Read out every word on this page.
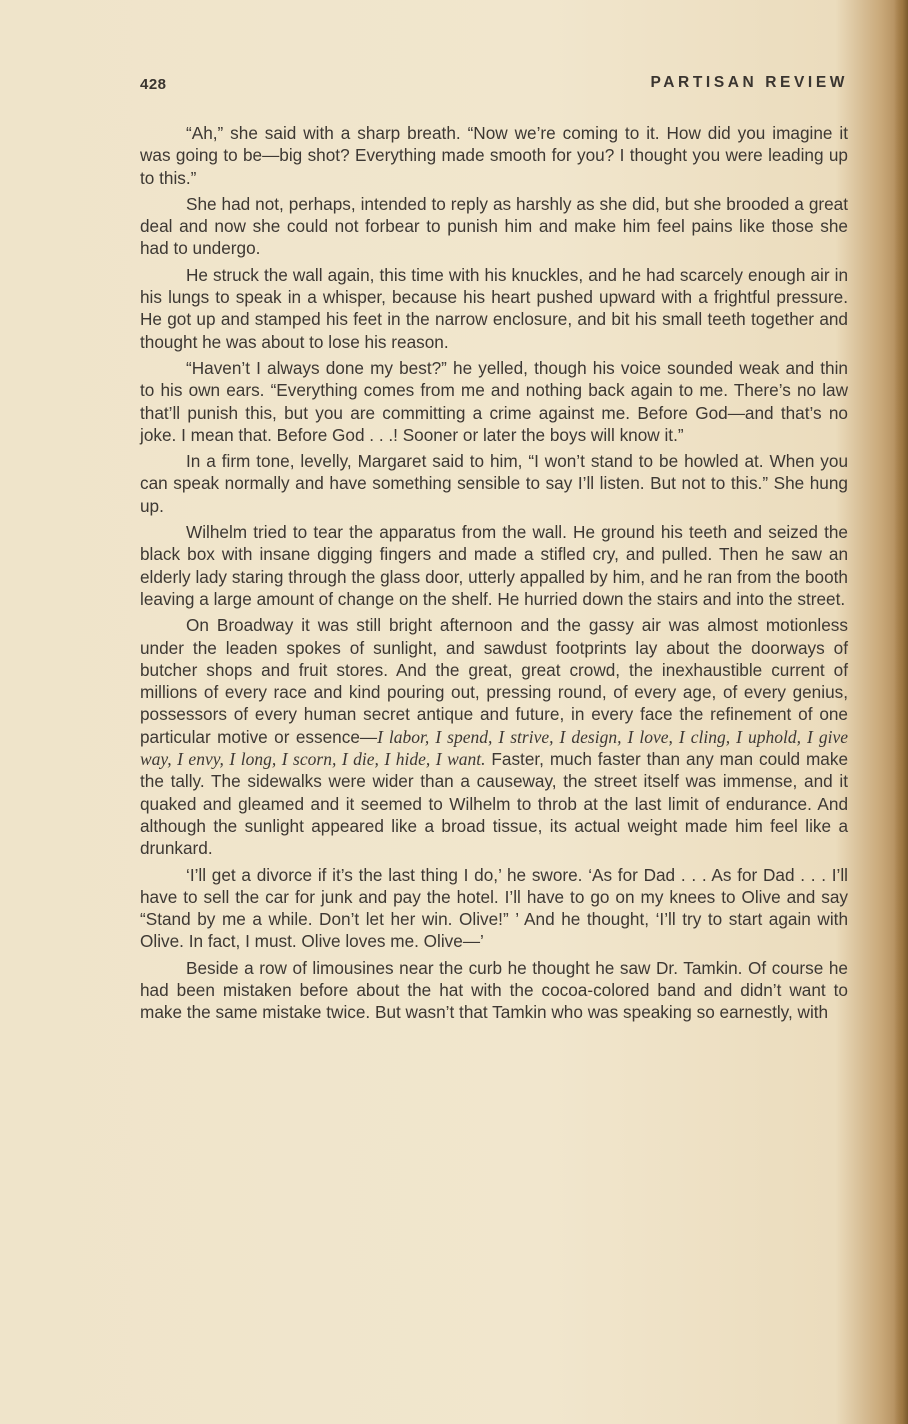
428	PARTISAN REVIEW

“Ah,” she said with a sharp breath. “Now we’re coming to it. How did you imagine it was going to be—big shot? Everything made smooth for you? I thought you were leading up to this.”

She had not, perhaps, intended to reply as harshly as she did, but she brooded a great deal and now she could not forbear to punish him and make him feel pains like those she had to undergo.

He struck the wall again, this time with his knuckles, and he had scarcely enough air in his lungs to speak in a whisper, because his heart pushed upward with a frightful pressure. He got up and stamped his feet in the narrow enclosure, and bit his small teeth together and thought he was about to lose his reason.

“Haven’t I always done my best?” he yelled, though his voice sounded weak and thin to his own ears. “Everything comes from me and nothing back again to me. There’s no law that’ll punish this, but you are committing a crime against me. Before God—and that’s no joke. I mean that. Before God . . .! Sooner or later the boys will know it.”

In a firm tone, levelly, Margaret said to him, “I won’t stand to be howled at. When you can speak normally and have something sensible to say I’ll listen. But not to this.” She hung up.

Wilhelm tried to tear the apparatus from the wall. He ground his teeth and seized the black box with insane digging fingers and made a stifled cry, and pulled. Then he saw an elderly lady staring through the glass door, utterly appalled by him, and he ran from the booth leaving a large amount of change on the shelf. He hurried down the stairs and into the street.

On Broadway it was still bright afternoon and the gassy air was almost motionless under the leaden spokes of sunlight, and sawdust footprints lay about the doorways of butcher shops and fruit stores. And the great, great crowd, the inexhaustible current of millions of every race and kind pouring out, pressing round, of every age, of every genius, possessors of every human secret antique and future, in every face the refinement of one particular motive or essence—I labor, I spend, I strive, I design, I love, I cling, I uphold, I give way, I envy, I long, I scorn, I die, I hide, I want. Faster, much faster than any man could make the tally. The sidewalks were wider than a causeway, the street itself was immense, and it quaked and gleamed and it seemed to Wilhelm to throb at the last limit of endurance. And although the sunlight appeared like a broad tissue, its actual weight made him feel like a drunkard.

‘I’ll get a divorce if it’s the last thing I do,’ he swore. ‘As for Dad . . . As for Dad . . . I’ll have to sell the car for junk and pay the hotel. I’ll have to go on my knees to Olive and say “Stand by me a while. Don’t let her win. Olive!” ’ And he thought, ‘I’ll try to start again with Olive. In fact, I must. Olive loves me. Olive—’

Beside a row of limousines near the curb he thought he saw Dr. Tamkin. Of course he had been mistaken before about the hat with the cocoa-colored band and didn’t want to make the same mistake twice. But wasn’t that Tamkin who was speaking so earnestly, with
